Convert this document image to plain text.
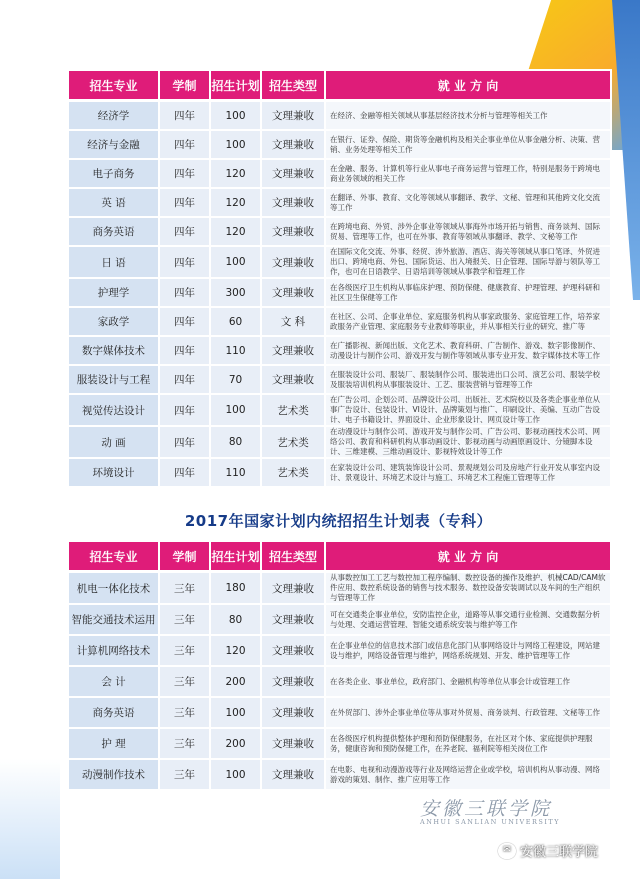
招生专业	学制	招生计划	招生类型	就 业 方 向
经济学	四年	100	文理兼收	在经济、金融等相关领域从事基层经济技术分析与管理等相关工作
经济与金融	四年	100	文理兼收	在银行、证券、保险、期货等金融机构及相关企事业单位从事金融分析、决策、营销、业务处理等相关工作
电子商务	四年	120	文理兼收	在金融、服务、计算机等行业从事电子商务运营与管理工作，特别是服务于跨境电商业务领域的相关工作
英 语	四年	120	文理兼收	在翻译、外事、教育、文化等领域从事翻译、教学、文秘、管理和其他跨文化交流等工作
商务英语	四年	120	文理兼收	在跨境电商、外贸、涉外企事业等领域从事海外市场开拓与销售、商务谈判、国际贸易、管理等工作，也可在外事、教育等领域从事翻译、教学、文秘等工作
日 语	四年	100	文理兼收	在国际文化交流、外事、经贸、涉外旅游、酒店、海关等领域从事口笔译、外贸进出口、跨境电商、外包、国际货运、出入境报关、日企管理、国际导游与领队等工作，也可在日语教学、日语培训等领域从事教学和管理工作
护理学	四年	300	文理兼收	在各级医疗卫生机构从事临床护理、预防保健、健康教育、护理管理、护理科研和社区卫生保健等工作
家政学	四年	60	文 科	在社区、公司、企事业单位、家庭服务机构从事家政服务、家庭管理工作，培养家政服务产业管理、家庭服务专业教师等职业，并从事相关行业的研究、推广等
数字媒体技术	四年	110	文理兼收	在广播影视、新闻出版、文化艺术、教育科研、广告制作、游戏、数字影像制作、动漫设计与制作公司、游戏开发与制作等领域从事专业开发、数字媒体技术等工作
服装设计与工程	四年	70	文理兼收	在服装设计公司、服装厂、服装制作公司、服装进出口公司、演艺公司、服装学校及服装培训机构从事服装设计、工艺、服装营销与管理等工作
视觉传达设计	四年	100	艺术类	在广告公司、企划公司、品牌设计公司、出版社、艺术院校以及各类企事业单位从事广告设计、包装设计、VI设计、品牌策划与推广、印刷设计、美编、互动广告设计、电子书籍设计、界面设计、企业形象设计、网页设计等工作
动 画	四年	80	艺术类	在动漫设计与制作公司、游戏开发与制作公司、广告公司、影视动画技术公司、网络公司、教育和科研机构从事动画设计、影视动画与动画原画设计、分镜脚本设计、三维建模、三维动画设计、影视特效设计等工作
环境设计	四年	110	艺术类	在家装设计公司、建筑装饰设计公司、景观规划公司及房地产行业开发从事室内设计、景观设计、环境艺术设计与施工、环境艺术工程施工管理等工作
2017年国家计划内统招招生计划表（专科）
招生专业	学制	招生计划	招生类型	就 业 方 向
机电一体化技术	三年	180	文理兼收	从事数控加工工艺与数控加工程序编制、数控设备的操作及维护、机械CAD/CAM软件应用、数控系统设备的销售与技术服务、数控设备安装调试以及车间的生产组织与管理等工作
智能交通技术运用	三年	80	文理兼收	可在交通类企事业单位，安防监控企业，道路等从事交通行业检测、交通数据分析与处理、交通运营管理、智能交通系统安装与维护等工作
计算机网络技术	三年	120	文理兼收	在企事业单位的信息技术部门或信息化部门从事网络设计与网络工程建设，网站建设与维护，网络设备管理与维护，网络系统规划、开发、维护管理等工作
会 计	三年	200	文理兼收	在各类企业、事业单位，政府部门、金融机构等单位从事会计或管理工作
商务英语	三年	100	文理兼收	在外贸部门、涉外企事业单位等从事对外贸易、商务谈判、行政管理、文秘等工作
护 理	三年	200	文理兼收	在各级医疗机构提供整体护理和预防保健服务，在社区对个体、家庭提供护理服务，健康咨询和预防保健工作，在养老院、福利院等相关岗位工作
动漫制作技术	三年	100	文理兼收	在电影、电视和动漫游戏等行业及网络运营企业或学校，培训机构从事动漫、网络游戏的策划、制作、推广应用等工作
安徽三联学院
ANHUI SANLIAN UNIVERSITY
✉ 安徽三联学院
